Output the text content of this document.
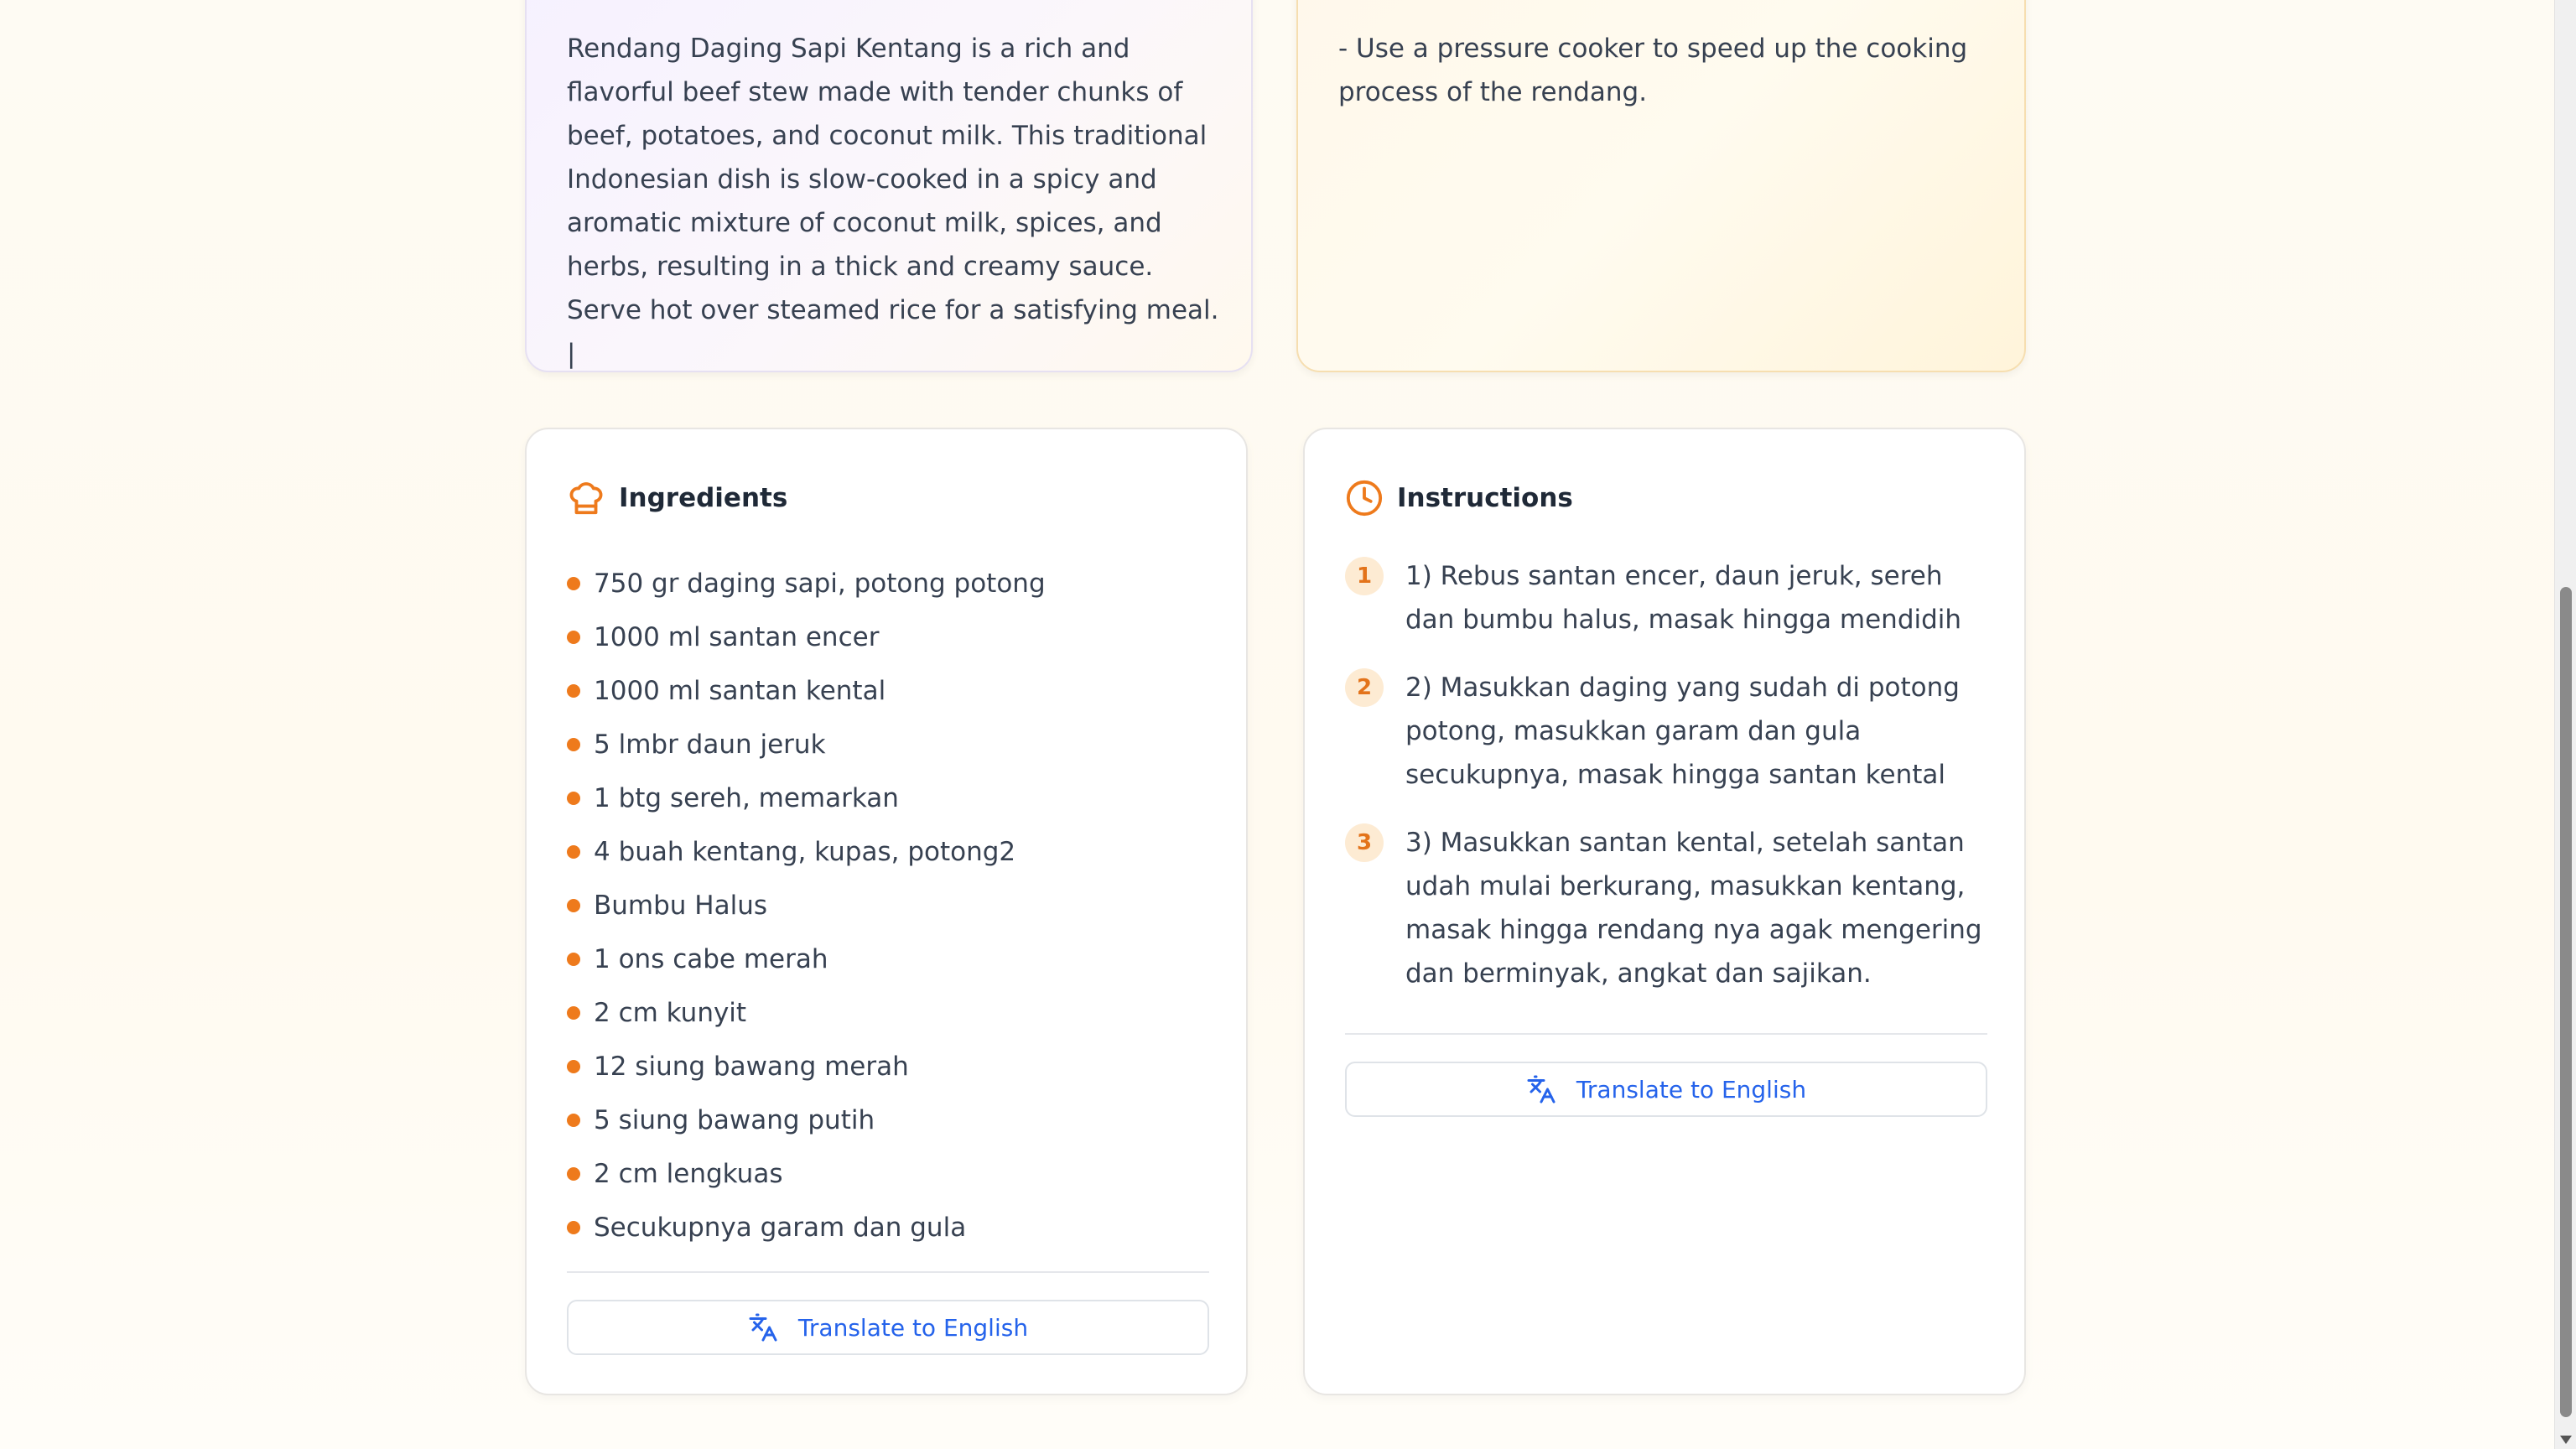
Rendang Daging Sapi Kentang is a rich and flavorful beef stew made with tender chunks of beef, potatoes, and coconut milk. This traditional Indonesian dish is slow-cooked in a spicy and aromatic mixture of coconut milk, spices, and herbs, resulting in a thick and creamy sauce. Serve hot over steamed rice for a satisfying meal. |

- Use a pressure cooker to speed up the cooking process of the rendang.

Ingredients
750 gr daging sapi, potong potong
1000 ml santan encer
1000 ml santan kental
5 lmbr daun jeruk
1 btg sereh, memarkan
4 buah kentang, kupas, potong2
Bumbu Halus
1 ons cabe merah
2 cm kunyit
12 siung bawang merah
5 siung bawang putih
2 cm lengkuas
Secukupnya garam dan gula
Translate to English
Instructions
1	1) Rebus santan encer, daun jeruk, sereh dan bumbu halus, masak hingga mendidih
2	2) Masukkan daging yang sudah di potong potong, masukkan garam dan gula secukupnya, masak hingga santan kental
3	3) Masukkan santan kental, setelah santan udah mulai berkurang, masukkan kentang, masak hingga rendang nya agak mengering dan berminyak, angkat dan sajikan.
Translate to English
